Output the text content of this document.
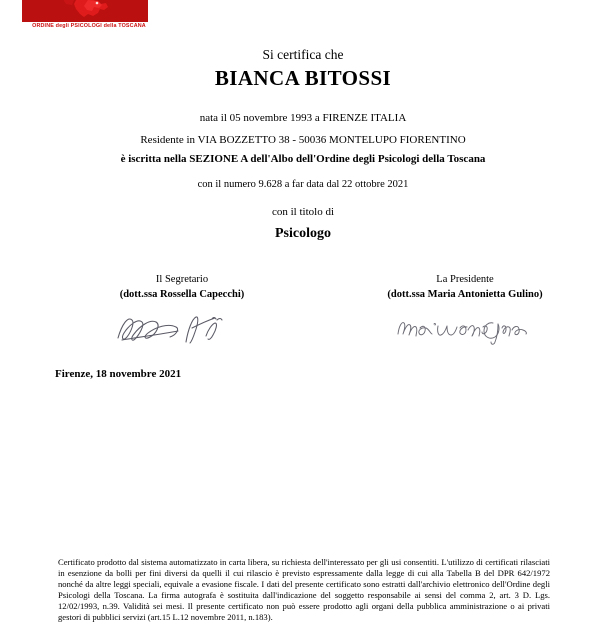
ORDINE degli PSICOLOGI della TOSCANA
Si certifica che
BIANCA BITOSSI
nata il 05 novembre 1993 a FIRENZE ITALIA
Residente in VIA BOZZETTO 38 - 50036 MONTELUPO FIORENTINO
è iscritta nella SEZIONE A dell'Albo dell'Ordine degli Psicologi della Toscana
con il numero 9.628 a far data dal 22 ottobre 2021
con il titolo di
Psicologo
Il Segretario
(dott.ssa Rossella Capecchi)
La Presidente
(dott.ssa Maria Antonietta Gulino)
Firenze, 18 novembre 2021
Certificato prodotto dal sistema automatizzato in carta libera, su richiesta dell'interessato per gli usi consentiti. L'utilizzo di certificati rilasciati in esenzione da bolli per fini diversi da quelli il cui rilascio è previsto espressamente dalla legge di cui alla Tabella B del DPR 642/1972 nonché da altre leggi speciali, equivale a evasione fiscale. I dati del presente certificato sono estratti dall'archivio elettronico dell'Ordine degli Psicologi della Toscana. La firma autografa è sostituita dall'indicazione del soggetto responsabile ai sensi del comma 2, art. 3 D. Lgs. 12/02/1993, n.39. Validità sei mesi. Il presente certificato non può essere prodotto agli organi della pubblica amministrazione o ai privati gestori di pubblici servizi (art.15 L.12 novembre 2011, n.183).
